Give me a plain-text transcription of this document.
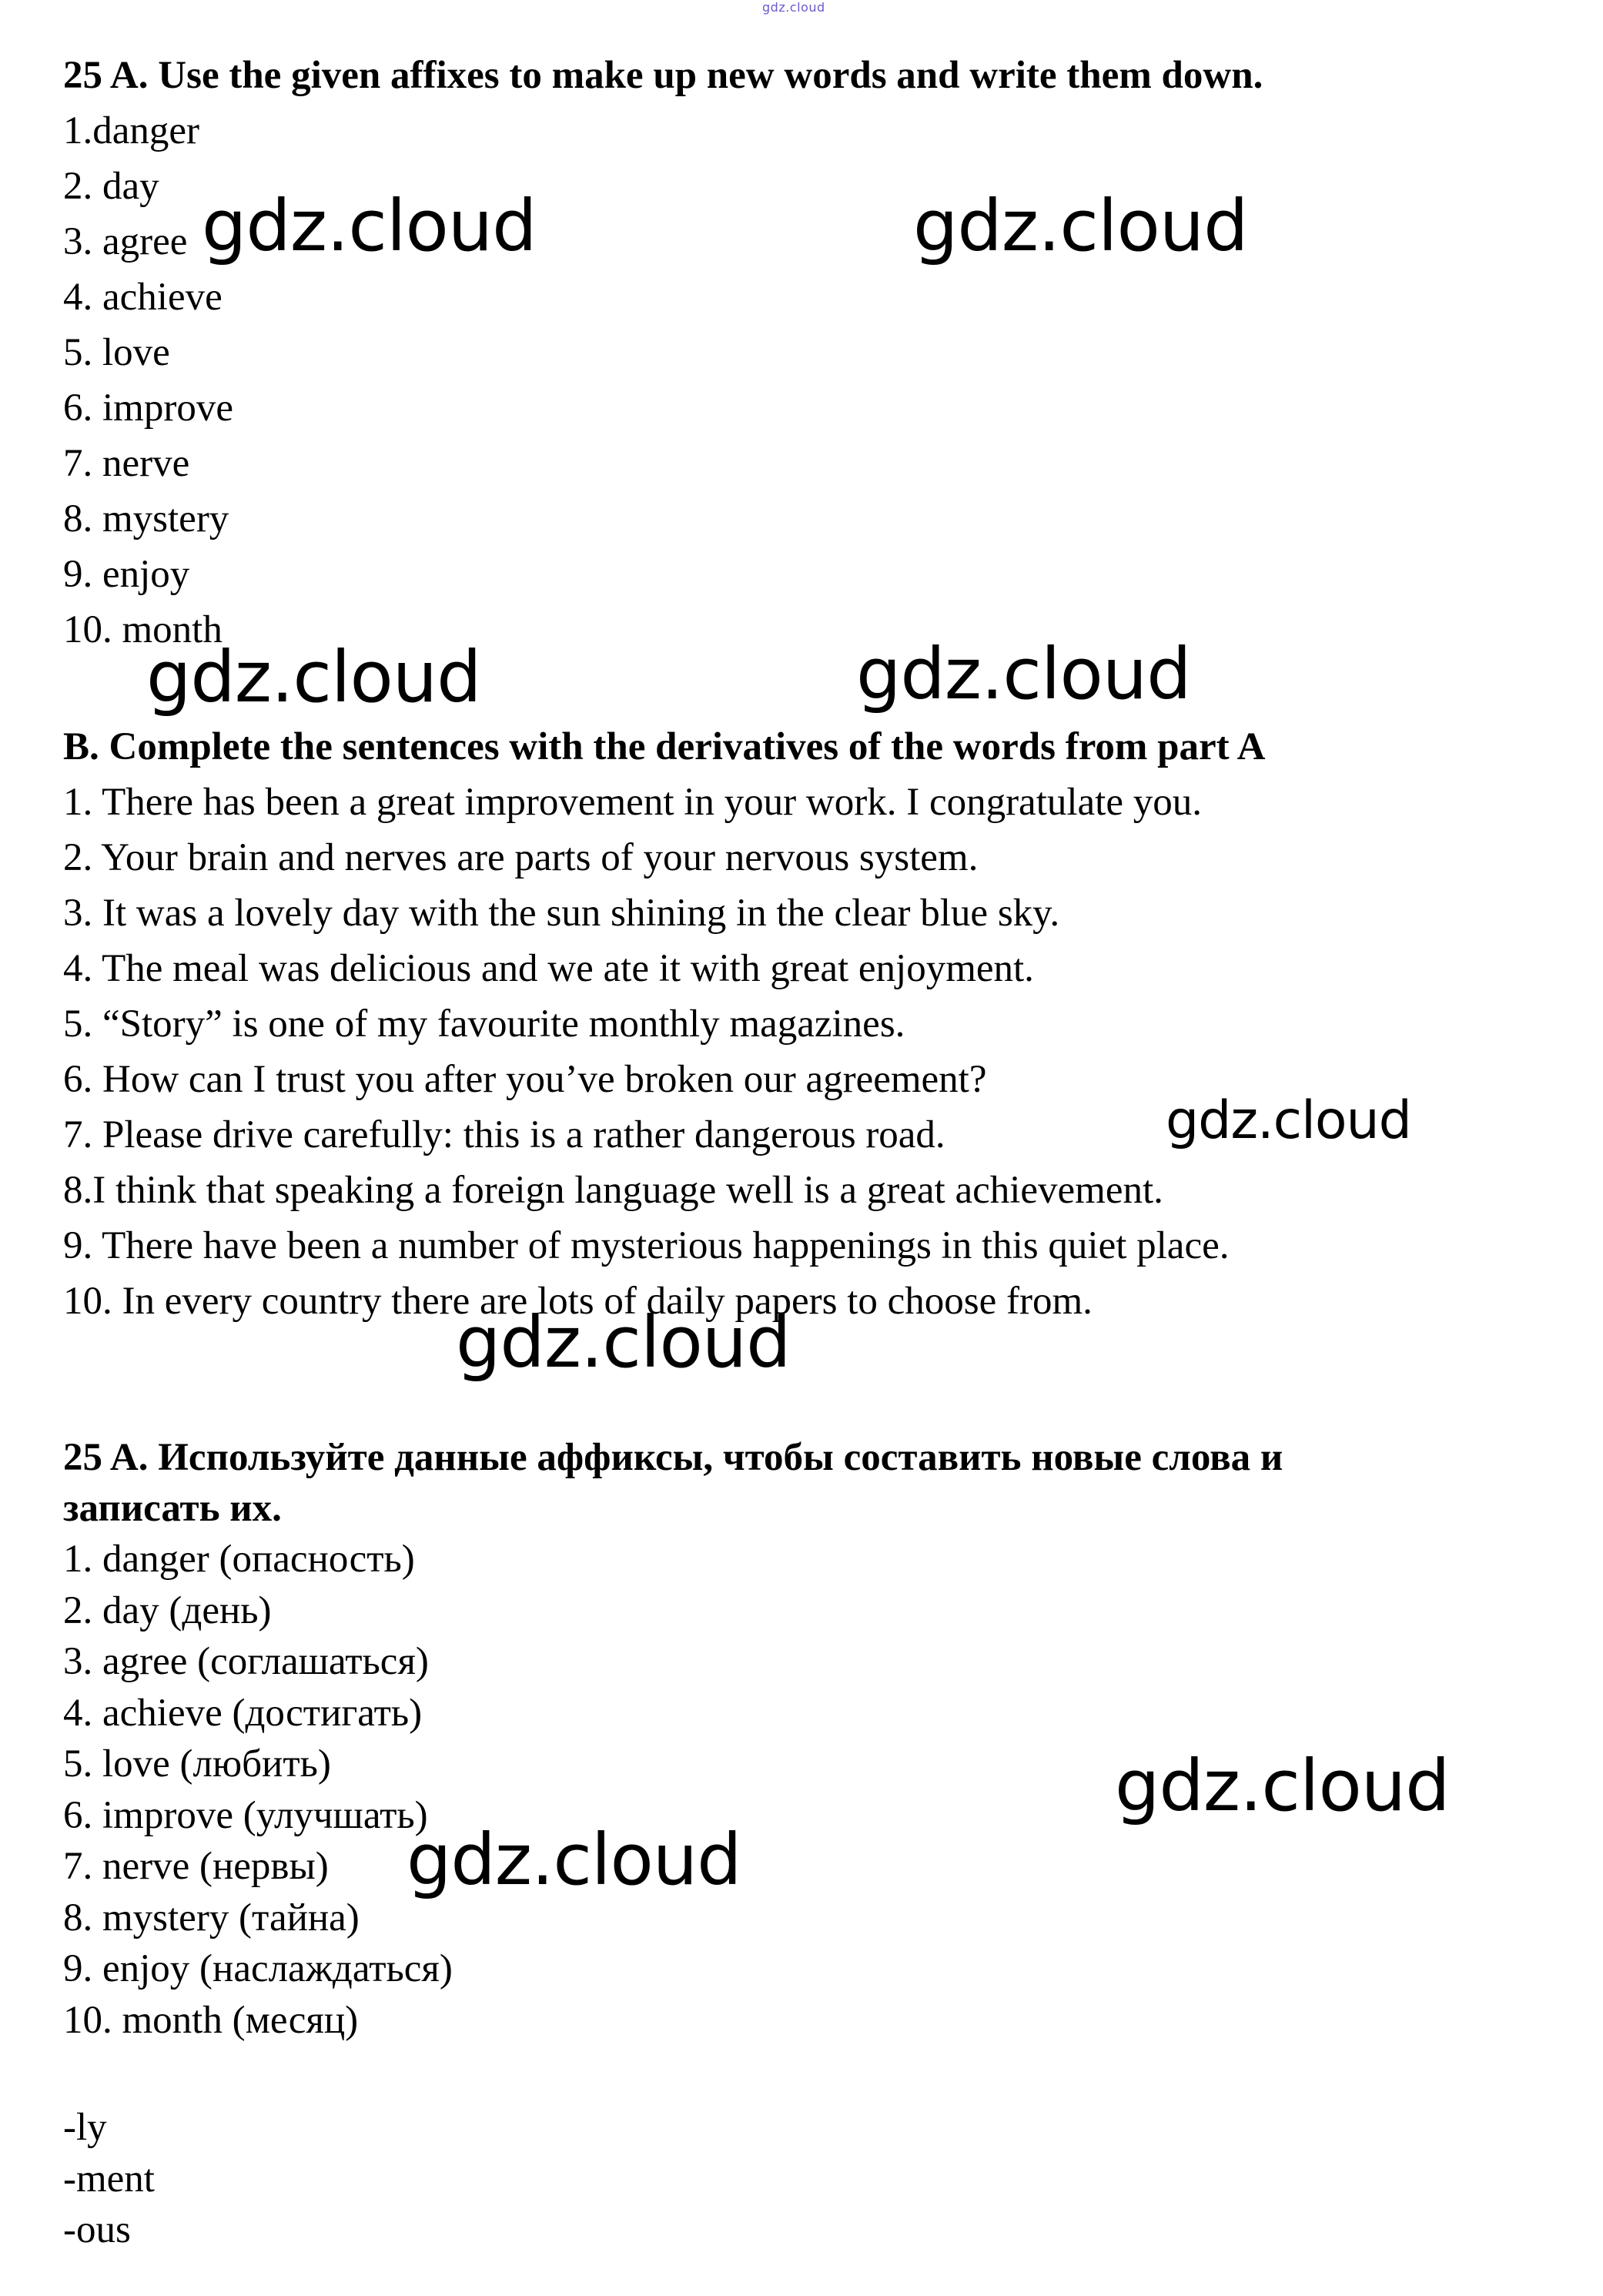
gdz.cloud

25 A. Use the given affixes to make up new words and write them down.

1.danger

2. day

3. agree

4. achieve

5. love

6. improve

7. nerve

8. mystery

9. enjoy

10. month

B. Complete the sentences with the derivatives of the words from part A

1. There has been a great improvement in your work. I congratulate you.

2. Your brain and nerves are parts of your nervous system.

3. It was a lovely day with the sun shining in the clear blue sky.

4. The meal was delicious and we ate it with great enjoyment.

5. “Story” is one of my favourite monthly magazines.

6. How can I trust you after you’ve broken our agreement?

7. Please drive carefully: this is a rather dangerous road.

8.I think that speaking a foreign language well is a great achievement.

9. There have been a number of mysterious happenings in this quiet place.

10. In every country there are lots of daily papers to choose from.

25 A. Используйте данные аффиксы, чтобы составить новые слова и

записать их.

1. danger (опасность)

2. day (день)

3. agree (соглашаться)

4. achieve (достигать)

5. love (любить)

6. improve (улучшать)

7. nerve (нервы)

8. mystery (тайна)

9. enjoy (наслаждаться)

10. month (месяц)

-ly

-ment

-ous

gdz.cloud	gdz.cloud
gdz.cloud	gdz.cloud
gdz.cloud
gdz.cloud
gdz.cloud
gdz.cloud
